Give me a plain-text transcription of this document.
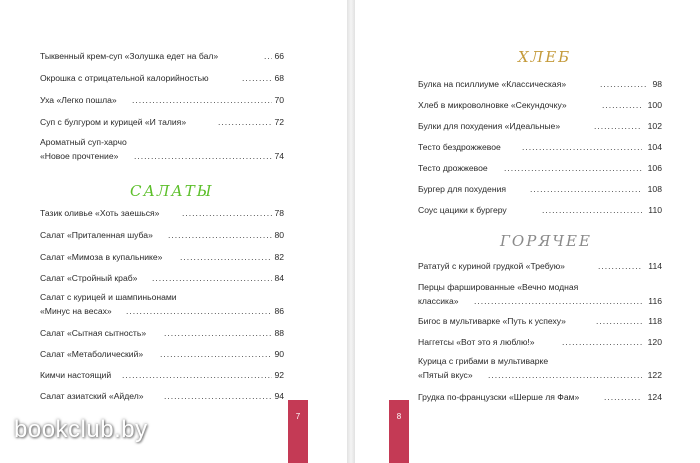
Тыквенный крем-суп «Золушка едет на бал» .....	66
Окрошка с отрицательной калорийностью .....	68
Уха «Легко пошла» .....	70
Суп с булгуром и курицей «И талия» .....	72
Ароматный суп-харчо
«Новое прочтение» .....	74
САЛАТЫ
Тазик оливье «Хоть заешься» .....	78
Салат «Приталенная шуба» .....	80
Салат «Мимоза в купальнике» .....	82
Салат «Стройный краб» .....	84
Салат с курицей и шампиньонами
«Минус на весах» .....	86
Салат «Сытная сытность» .....	88
Салат «Метаболический» .....	90
Кимчи настоящий .....	92
Салат азиатский «Айдел» .....	94
7
ХЛЕБ
Булка на псиллиуме «Классическая» .....	98
Хлеб в микроволновке «Секундочку» .....	100
Булки для похудения «Идеальные» .....	102
Тесто бездрожжевое .....	104
Тесто дрожжевое .....	106
Бургер для похудения .....	108
Соус цацики к бургеру .....	110
ГОРЯЧЕЕ
Рататуй с куриной грудкой «Требую» .....	114
Перцы фаршированные «Вечно модная
классика» .....	116
Бигос в мультиварке «Путь к успеху» .....	118
Наггетсы «Вот это я люблю!» .....	120
Курица с грибами в мультиварке
«Пятый вкус» .....	122
Грудка по-французски «Шерше ля Фам» .....	124
8
bookclub.by
